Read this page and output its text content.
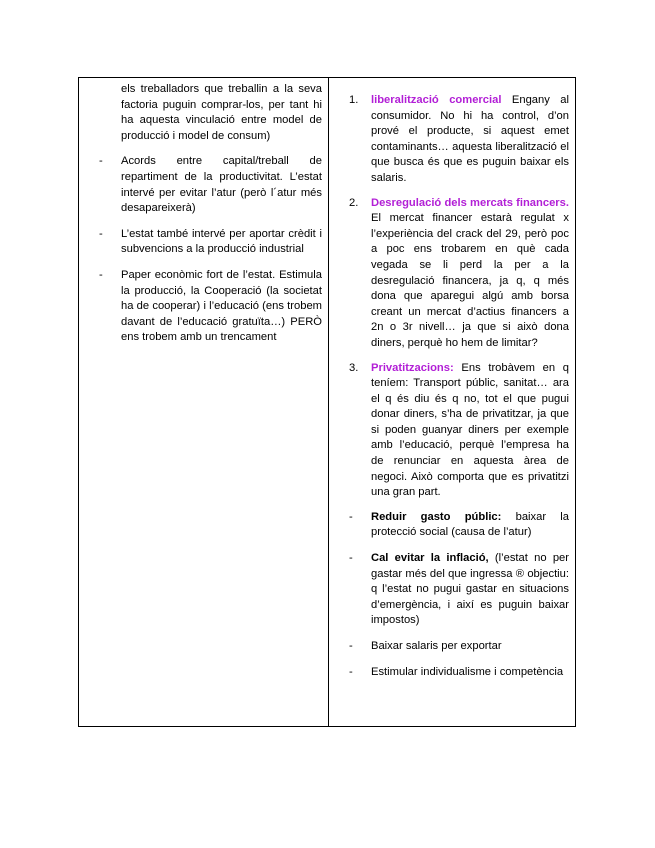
els treballadors que treballin a la seva factoria puguin comprar-los, per tant hi ha aquesta vinculació entre model de producció i model de consum)

- Acords entre capital/treball de repartiment de la productivitat. L’estat intervé per evitar l’atur (però l´atur més desapareixerà)
- L’estat també intervé per aportar crèdit i subvencions a la producció industrial
- Paper econòmic fort de l’estat. Estimula la producció, la Cooperació (la societat ha de cooperar) i l’educació (ens trobem davant de l’educació gratuïta…) PERÒ ens trobem amb un trencament
1. liberalització comercial Engany al consumidor. No hi ha control, d’on prové el producte, si aquest emet contaminants… aquesta liberalització el que busca és que es puguin baixar els salaris.
2. Desregulació dels mercats financers. El mercat financer estarà regulat x l’experiència del crack del 29, però poc a poc ens trobarem en què cada vegada se li perd la per a la desregulació financera, ja q, q més dona que aparegui algú amb borsa creant un mercat d’actius financers a 2n o 3r nivell… ja que si això dona diners, perquè ho hem de limitar?
3. Privatitzacions: Ens trobàvem en q teníem: Transport públic, sanitat… ara el q és diu és q no, tot el que pugui donar diners, s’ha de privatitzar, ja que si poden guanyar diners per exemple amb l’educació, perquè l’empresa ha de renunciar en aquesta àrea de negoci. Això comporta que es privatitzi una gran part.
- Reduir gasto públic: baixar la protecció social (causa de l’atur)
- Cal evitar la inflació, (l’estat no per gastar més del que ingressa ® objectiu: q l’estat no pugui gastar en situacions d’emergència, i així es puguin baixar impostos)
- Baixar salaris per exportar
- Estimular individualisme i competència
